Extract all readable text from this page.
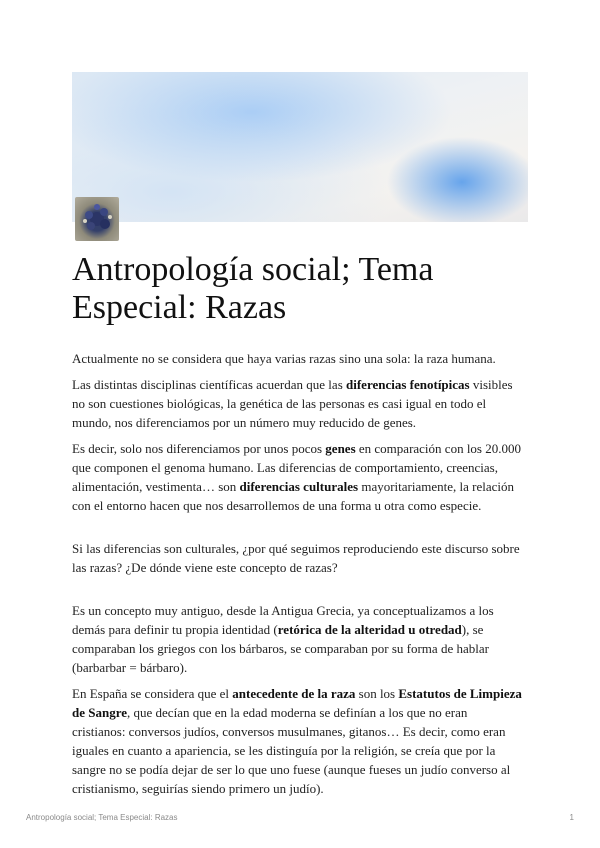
Antropología social; Tema Especial: Razas

Actualmente no se considera que haya varias razas sino una sola: la raza humana.

Las distintas disciplinas científicas acuerdan que las diferencias fenotípicas visibles no son cuestiones biológicas, la genética de las personas es casi igual en todo el mundo, nos diferenciamos por un número muy reducido de genes.

Es decir, solo nos diferenciamos por unos pocos genes en comparación con los 20.000 que componen el genoma humano. Las diferencias de comportamiento, creencias, alimentación, vestimenta… son diferencias culturales mayoritariamente, la relación con el entorno hacen que nos desarrollemos de una forma u otra como especie.

Si las diferencias son culturales, ¿por qué seguimos reproduciendo este discurso sobre las razas? ¿De dónde viene este concepto de razas?

Es un concepto muy antiguo, desde la Antigua Grecia, ya conceptualizamos a los demás para definir tu propia identidad (retórica de la alteridad u otredad), se comparaban los griegos con los bárbaros, se comparaban por su forma de hablar (barbarbar = bárbaro).

En España se considera que el antecedente de la raza son los Estatutos de Limpieza de Sangre, que decían que en la edad moderna se definían a los que no eran cristianos: conversos judíos, conversos musulmanes, gitanos… Es decir, como eran iguales en cuanto a apariencia, se les distinguía por la religión, se creía que por la sangre no se podía dejar de ser lo que uno fuese (aunque fueses un judío converso al cristianismo, seguirías siendo primero un judío).

Antropología social; Tema Especial: Razas	1
